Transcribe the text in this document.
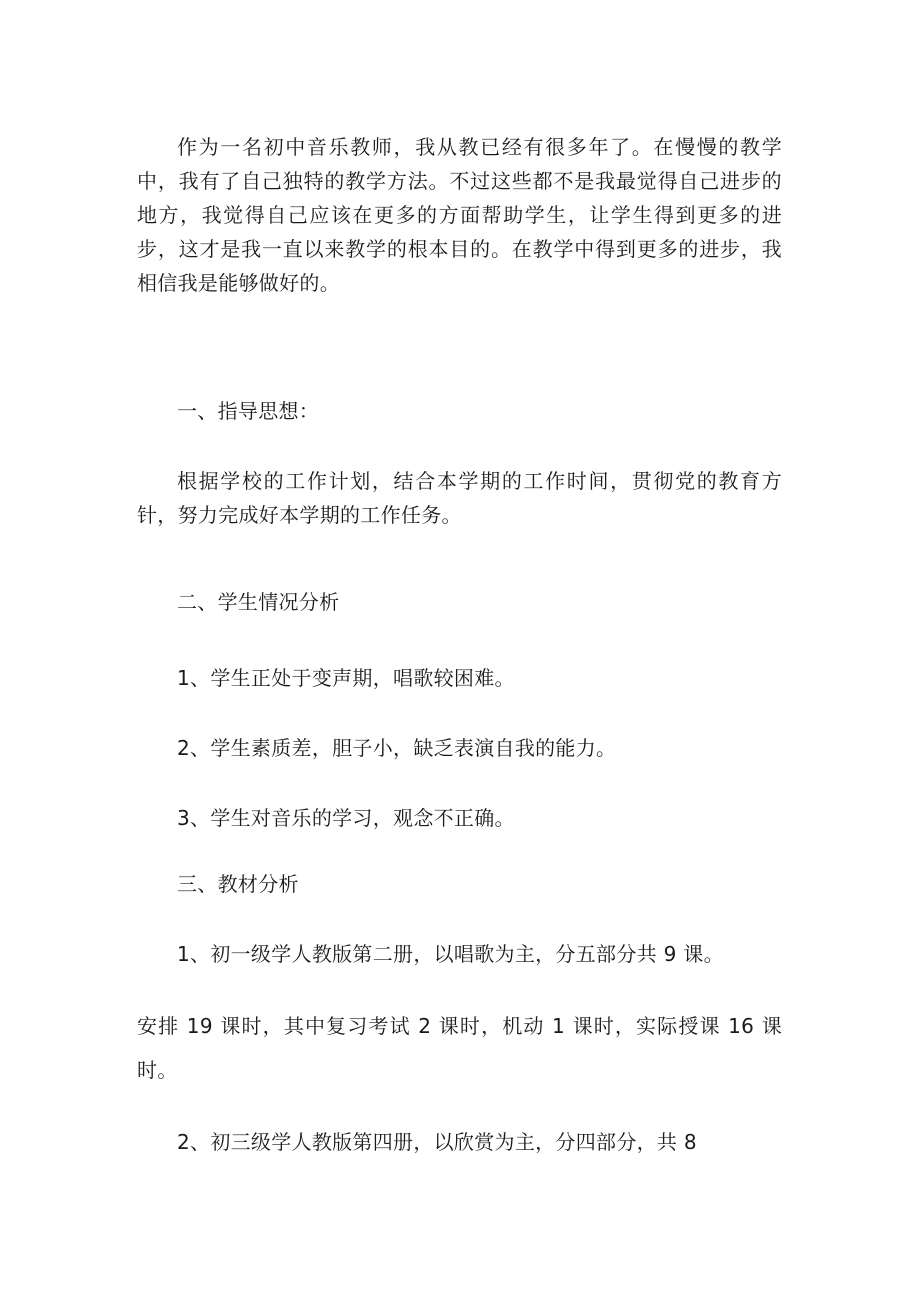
作为一名初中音乐教师，我从教已经有很多年了。在慢慢的教学中，我有了自己独特的教学方法。不过这些都不是我最觉得自己进步的地方，我觉得自己应该在更多的方面帮助学生，让学生得到更多的进步，这才是我一直以来教学的根本目的。在教学中得到更多的进步，我相信我是能够做好的。

一、指导思想：

根据学校的工作计划，结合本学期的工作时间，贯彻党的教育方针，努力完成好本学期的工作任务。

二、学生情况分析

1、学生正处于变声期，唱歌较困难。

2、学生素质差，胆子小，缺乏表演自我的能力。

3、学生对音乐的学习，观念不正确。

三、教材分析

1、初一级学人教版第二册，以唱歌为主，分五部分共 9 课。

安排 19 课时，其中复习考试 2 课时，机动 1 课时，实际授课 16 课时。

2、初三级学人教版第四册，以欣赏为主，分四部分，共 8
